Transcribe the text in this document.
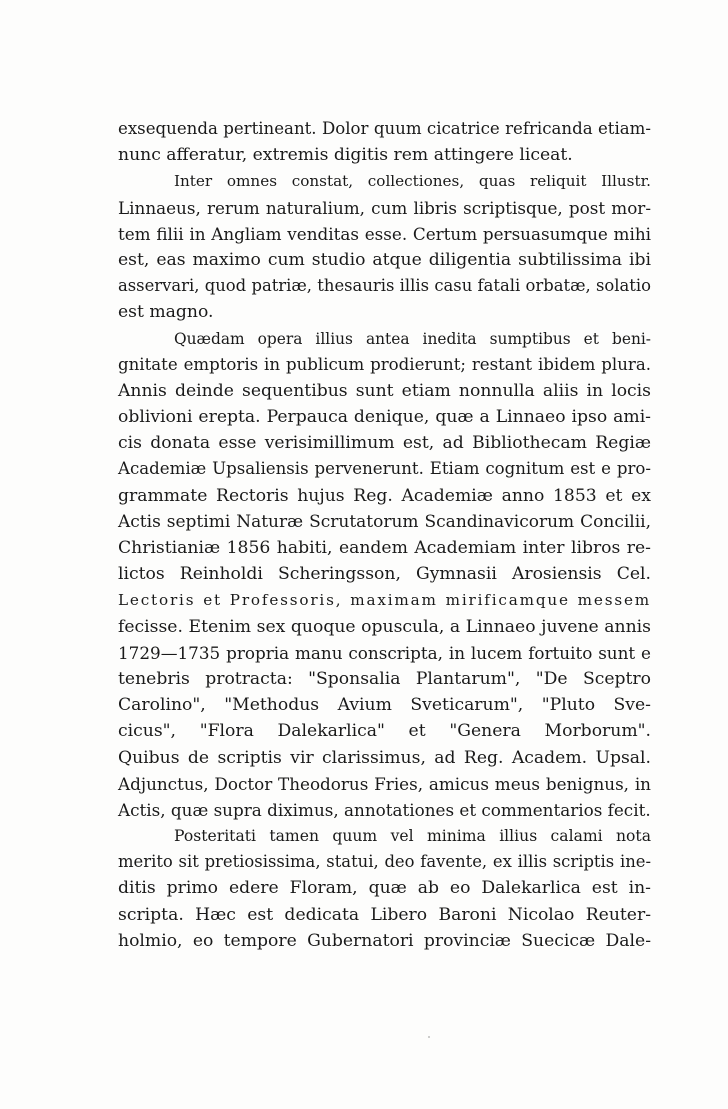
exsequenda pertineant. Dolor quum cicatrice refricanda etiam-
nunc afferatur, extremis digitis rem attingere liceat.
Inter omnes constat, collectiones, quas reliquit Illustr.
Linnaeus, rerum naturalium, cum libris scriptisque, post mor-
tem filii in Angliam venditas esse. Certum persuasumque mihi
est, eas maximo cum studio atque diligentia subtilissima ibi
asservari, quod patriæ, thesauris illis casu fatali orbatæ, solatio
est magno.
Quædam opera illius antea inedita sumptibus et beni-
gnitate emptoris in publicum prodierunt; restant ibidem plura.
Annis deinde sequentibus sunt etiam nonnulla aliis in locis
oblivioni erepta. Perpauca denique, quæ a Linnaeo ipso ami-
cis donata esse verisimillimum est, ad Bibliothecam Regiæ
Academiæ Upsaliensis pervenerunt. Etiam cognitum est e pro-
grammate Rectoris hujus Reg. Academiæ anno 1853 et ex
Actis septimi Naturæ Scrutatorum Scandinavicorum Concilii,
Christianiæ 1856 habiti, eandem Academiam inter libros re-
lictos Reinholdi Scheringsson, Gymnasii Arosiensis Cel.
Lectoris et Professoris, maximam mirificamque messem
fecisse. Etenim sex quoque opuscula, a Linnaeo juvene annis
1729—1735 propria manu conscripta, in lucem fortuito sunt e
tenebris protracta: "Sponsalia Plantarum", "De Sceptro
Carolino", "Methodus Avium Sveticarum", "Pluto Sve-
cicus", "Flora Dalekarlica" et "Genera Morborum".
Quibus de scriptis vir clarissimus, ad Reg. Academ. Upsal.
Adjunctus, Doctor Theodorus Fries, amicus meus benignus, in
Actis, quæ supra diximus, annotationes et commentarios fecit.
Posteritati tamen quum vel minima illius calami nota
merito sit pretiosissima, statui, deo favente, ex illis scriptis ine-
ditis primo edere Floram, quæ ab eo Dalekarlica est in-
scripta. Hæc est dedicata Libero Baroni Nicolao Reuter-
holmio, eo tempore Gubernatori provinciæ Suecicæ Dale-
